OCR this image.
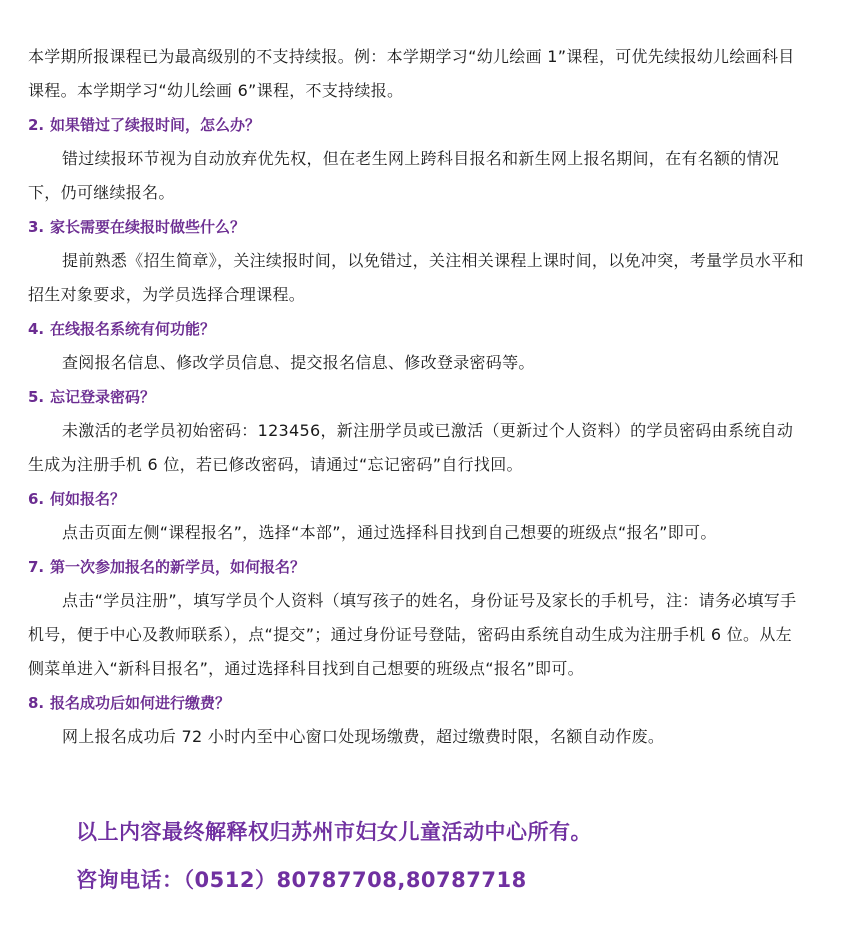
本学期所报课程已为最高级别的不支持续报。例：本学期学习“幼儿绘画 1”课程，可优先续报幼儿绘画科目课程。本学期学习“幼儿绘画 6”课程，不支持续报。

2. 如果错过了续报时间，怎么办？

错过续报环节视为自动放弃优先权，但在老生网上跨科目报名和新生网上报名期间，在有名额的情况下，仍可继续报名。

3. 家长需要在续报时做些什么？

提前熟悉《招生简章》，关注续报时间，以免错过，关注相关课程上课时间，以免冲突，考量学员水平和招生对象要求，为学员选择合理课程。

4. 在线报名系统有何功能？

查阅报名信息、修改学员信息、提交报名信息、修改登录密码等。

5. 忘记登录密码？

未激活的老学员初始密码：123456，新注册学员或已激活（更新过个人资料）的学员密码由系统自动生成为注册手机 6 位，若已修改密码，请通过“忘记密码”自行找回。

6. 何如报名？

点击页面左侧“课程报名”，选择“本部”，通过选择科目找到自己想要的班级点“报名”即可。

7. 第一次参加报名的新学员，如何报名？

点击“学员注册”，填写学员个人资料（填写孩子的姓名，身份证号及家长的手机号，注：请务必填写手机号，便于中心及教师联系），点“提交”；通过身份证号登陆，密码由系统自动生成为注册手机 6 位。从左侧菜单进入“新科目报名”，通过选择科目找到自己想要的班级点“报名”即可。

8. 报名成功后如何进行缴费？

网上报名成功后 72 小时内至中心窗口处现场缴费，超过缴费时限，名额自动作废。

以上内容最终解释权归苏州市妇女儿童活动中心所有。

咨询电话：（0512）80787708,80787718
